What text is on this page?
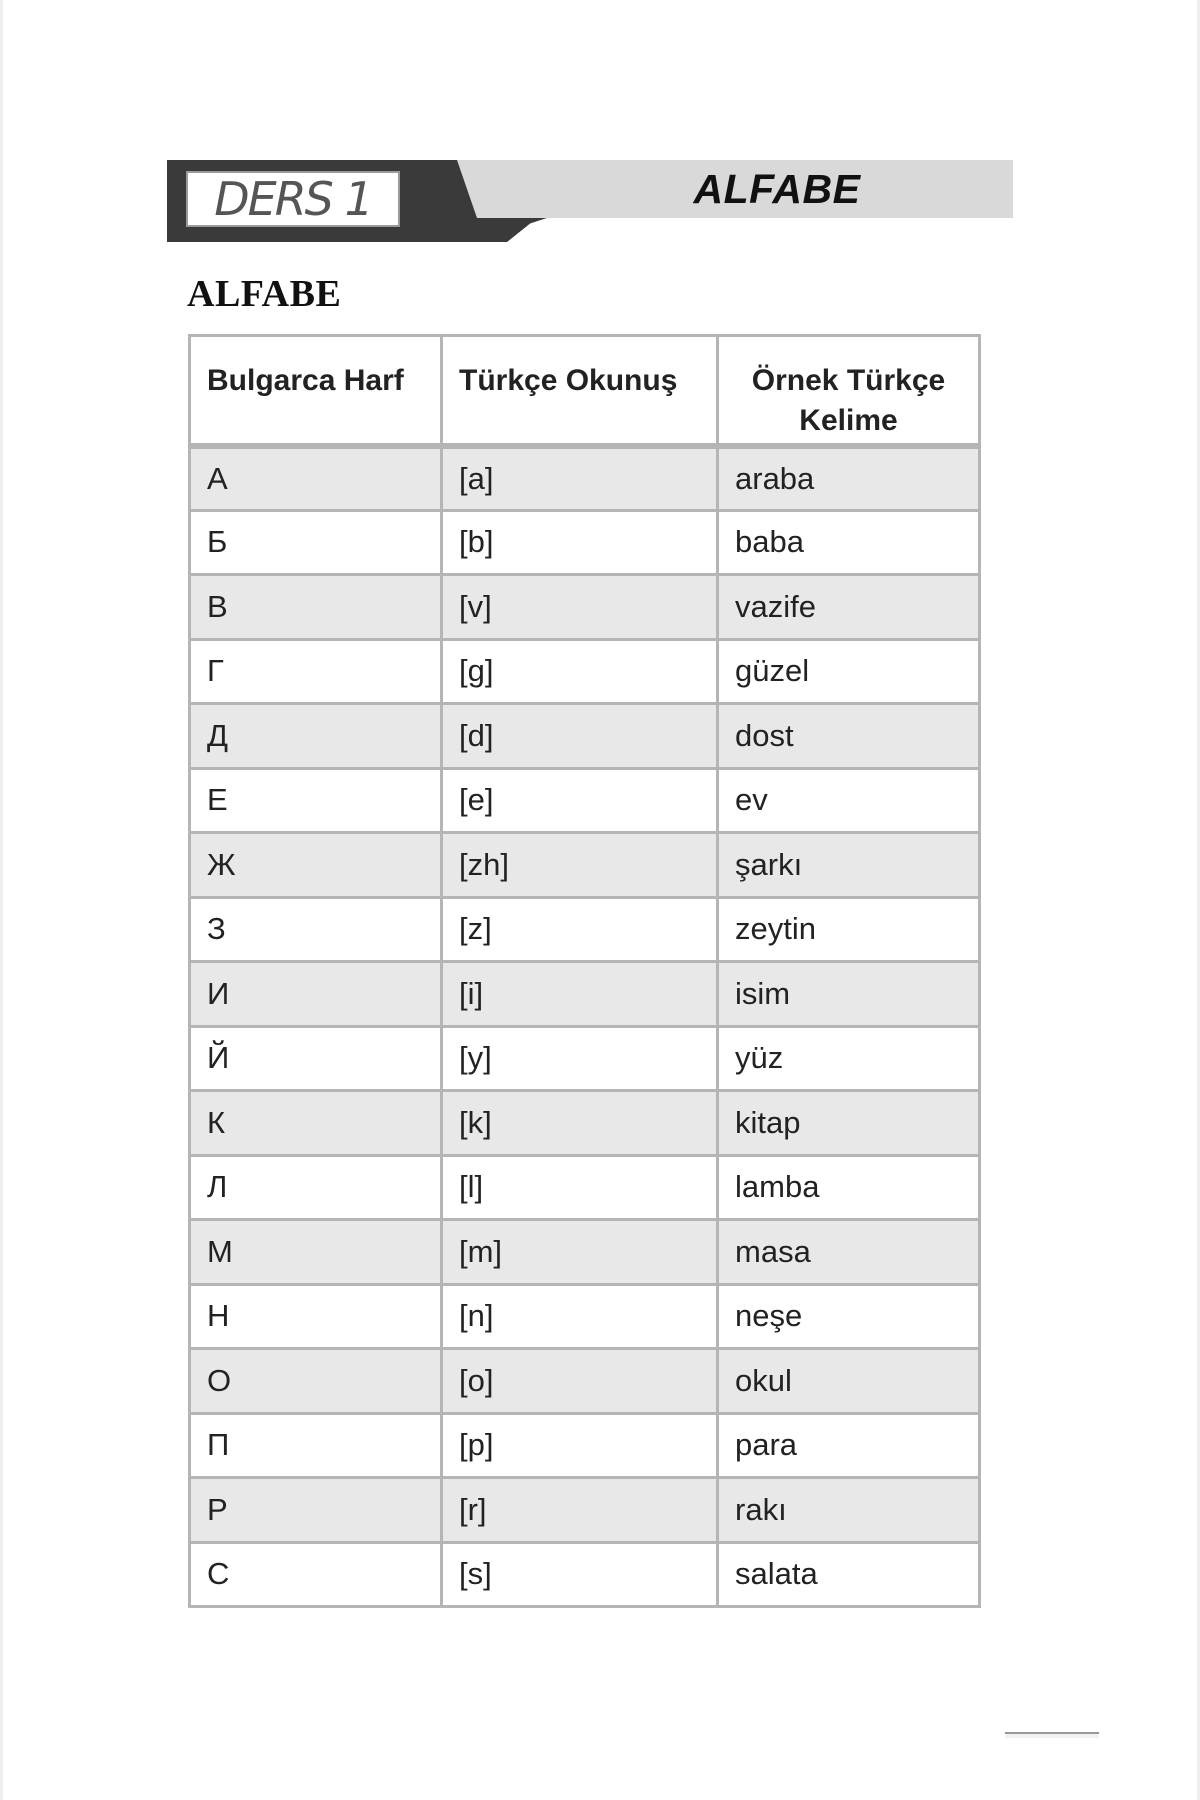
DERS 1	ALFABE
ALFABE
Bulgarca Harf	Türkçe Okunuş	Örnek Türkçe Kelime
А	[a]	araba
Б	[b]	baba
В	[v]	vazife
Г	[g]	güzel
Д	[d]	dost
Е	[e]	ev
Ж	[zh]	şarkı
З	[z]	zeytin
И	[i]	isim
Й	[y]	yüz
К	[k]	kitap
Л	[l]	lamba
М	[m]	masa
Н	[n]	neşe
О	[o]	okul
П	[p]	para
Р	[r]	rakı
С	[s]	salata
